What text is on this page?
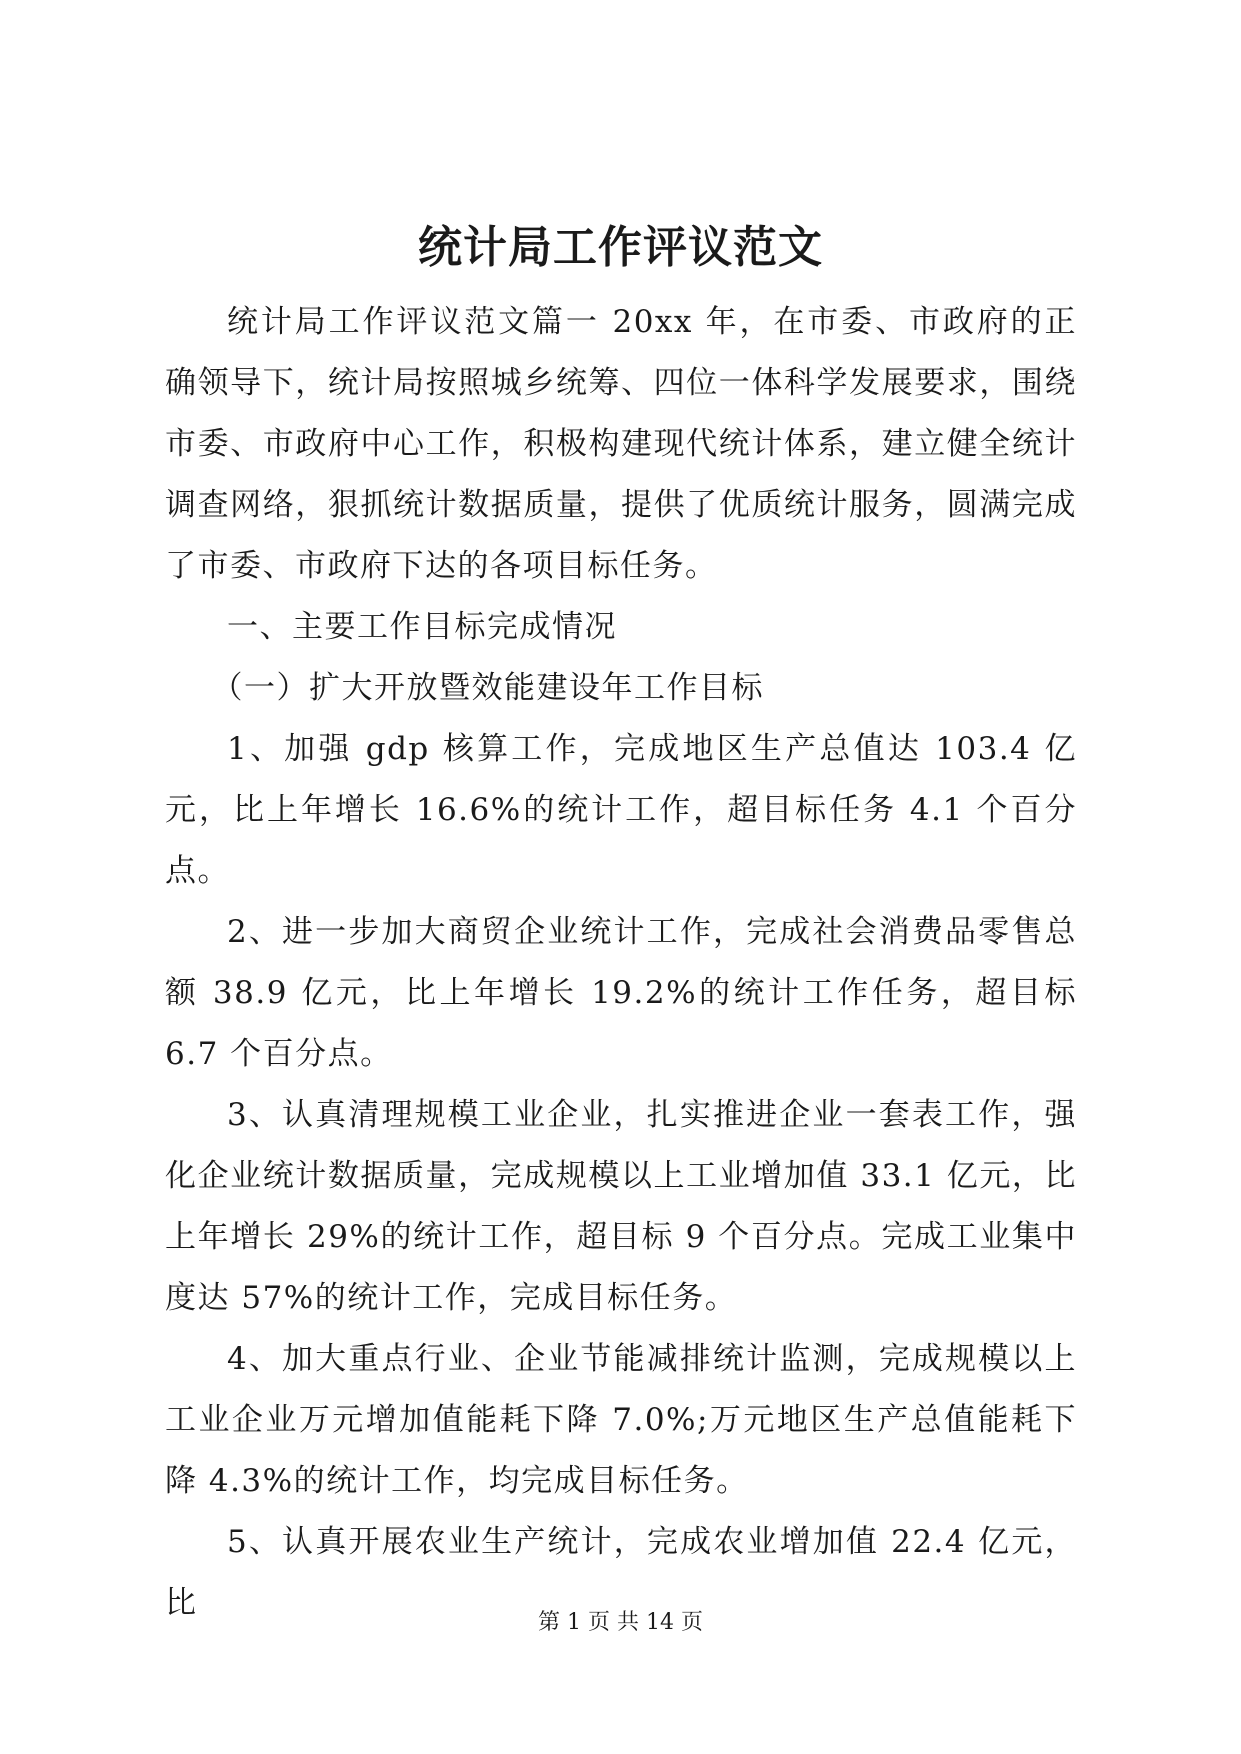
统计局工作评议范文

统计局工作评议范文篇一 20xx 年，在市委、市政府的正确领导下，统计局按照城乡统筹、四位一体科学发展要求，围绕市委、市政府中心工作，积极构建现代统计体系，建立健全统计调查网络，狠抓统计数据质量，提供了优质统计服务，圆满完成了市委、市政府下达的各项目标任务。

一、主要工作目标完成情况

（一）扩大开放暨效能建设年工作目标

1、加强 gdp 核算工作，完成地区生产总值达 103.4 亿元，比上年增长 16.6%的统计工作，超目标任务 4.1 个百分点。

2、进一步加大商贸企业统计工作，完成社会消费品零售总额 38.9 亿元，比上年增长 19.2%的统计工作任务，超目标 6.7 个百分点。

3、认真清理规模工业企业，扎实推进企业一套表工作，强化企业统计数据质量，完成规模以上工业增加值 33.1 亿元，比上年增长 29%的统计工作，超目标 9 个百分点。完成工业集中度达 57%的统计工作，完成目标任务。

4、加大重点行业、企业节能减排统计监测，完成规模以上工业企业万元增加值能耗下降 7.0%;万元地区生产总值能耗下降 4.3%的统计工作，均完成目标任务。

5、认真开展农业生产统计，完成农业增加值 22.4 亿元，比

第 1 页 共 14 页
